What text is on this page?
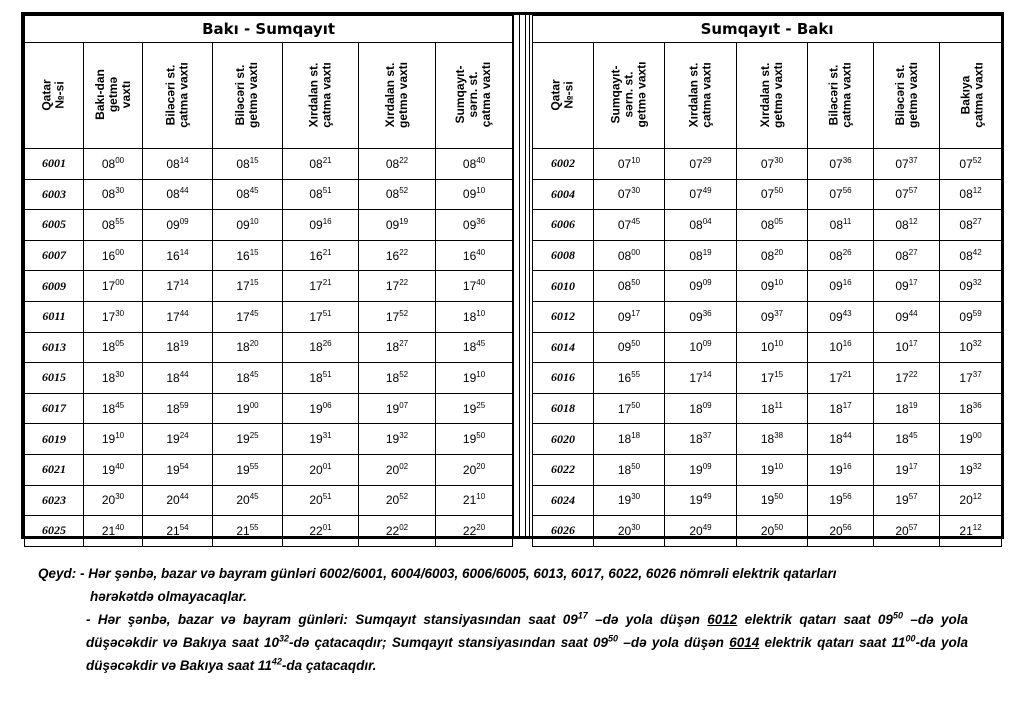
Bakı - Sumqayıt						
Qatar
№-si	Bakı-dan
getmə
vaxtı	Biləcəri st.
çatma vaxtı	Biləcəri st.
getmə vaxtı	Xırdalan st.
çatma vaxtı	Xırdalan st.
getmə vaxtı	Sumqayıt-
sərn. st.
çatma vaxtı
6001	$08^{00}$	$08^{14}$	$08^{15}$	$08^{21}$	$08^{22}$	$08^{40}$
6003	$08^{30}$	$08^{44}$	$08^{45}$	$08^{51}$	$08^{52}$	$09^{10}$
6005	$08^{55}$	$09^{09}$	$09^{10}$	$09^{16}$	$09^{19}$	$09^{36}$
6007	$16^{00}$	$16^{14}$	$16^{15}$	$16^{21}$	$16^{22}$	$16^{40}$
6009	$17^{00}$	$17^{14}$	$17^{15}$	$17^{21}$	$17^{22}$	$17^{40}$
6011	$17^{30}$	$17^{44}$	$17^{45}$	$17^{51}$	$17^{52}$	$18^{10}$
6013	$18^{05}$	$18^{19}$	$18^{20}$	$18^{26}$	$18^{27}$	$18^{45}$
6015	$18^{30}$	$18^{44}$	$18^{45}$	$18^{51}$	$18^{52}$	$19^{10}$
6017	$18^{45}$	$18^{59}$	$19^{00}$	$19^{06}$	$19^{07}$	$19^{25}$
6019	$19^{10}$	$19^{24}$	$19^{25}$	$19^{31}$	$19^{32}$	$19^{50}$
6021	$19^{40}$	$19^{54}$	$19^{55}$	$20^{01}$	$20^{02}$	$20^{20}$
6023	$20^{30}$	$20^{44}$	$20^{45}$	$20^{51}$	$20^{52}$	$21^{10}$
6025	$21^{40}$	$21^{54}$	$21^{55}$	$22^{01}$	$22^{02}$	$22^{20}$
Sumqayıt - Bakı						
Qatar
№-si	Sumqayıt-
sərn. st.
getmə vaxtı	Xırdalan st.
çatma vaxtı	Xırdalan st.
getmə vaxtı	Biləcəri st.
çatma vaxtı	Biləcəri st.
getmə vaxtı	Bakıya
çatma vaxtı
6002	$07^{10}$	$07^{29}$	$07^{30}$	$07^{36}$	$07^{37}$	$07^{52}$
6004	$07^{30}$	$07^{49}$	$07^{50}$	$07^{56}$	$07^{57}$	$08^{12}$
6006	$07^{45}$	$08^{04}$	$08^{05}$	$08^{11}$	$08^{12}$	$08^{27}$
6008	$08^{00}$	$08^{19}$	$08^{20}$	$08^{26}$	$08^{27}$	$08^{42}$
6010	$08^{50}$	$09^{09}$	$09^{10}$	$09^{16}$	$09^{17}$	$09^{32}$
6012	$09^{17}$	$09^{36}$	$09^{37}$	$09^{43}$	$09^{44}$	$09^{59}$
6014	$09^{50}$	$10^{09}$	$10^{10}$	$10^{16}$	$10^{17}$	$10^{32}$
6016	$16^{55}$	$17^{14}$	$17^{15}$	$17^{21}$	$17^{22}$	$17^{37}$
6018	$17^{50}$	$18^{09}$	$18^{11}$	$18^{17}$	$18^{19}$	$18^{36}$
6020	$18^{18}$	$18^{37}$	$18^{38}$	$18^{44}$	$18^{45}$	$19^{00}$
6022	$18^{50}$	$19^{09}$	$19^{10}$	$19^{16}$	$19^{17}$	$19^{32}$
6024	$19^{30}$	$19^{49}$	$19^{50}$	$19^{56}$	$19^{57}$	$20^{12}$
6026	$20^{30}$	$20^{49}$	$20^{50}$	$20^{56}$	$20^{57}$	$21^{12}$

Qeyd: - Hər şənbə, bazar və bayram günləri 6002/6001, 6004/6003, 6006/6005, 6013, 6017, 6022, 6026 nömrəli elektrik qatarları

hərəkətdə olmayacaqlar.

- Hər şənbə, bazar və bayram günləri: Sumqayıt stansiyasından saat $09^{17}$ –də yola düşən 6012 elektrik qatarı saat $09^{50}$ –də yola düşəcəkdir və Bakıya saat $10^{32}-də$ çatacaqdır; Sumqayıt stansiyasından saat $09^{50}$ –də yola düşən 6014 elektrik qatarı saat $11^{00}-da$ yola düşəcəkdir və Bakıya saat $11^{42}-da$ çatacaqdır.
